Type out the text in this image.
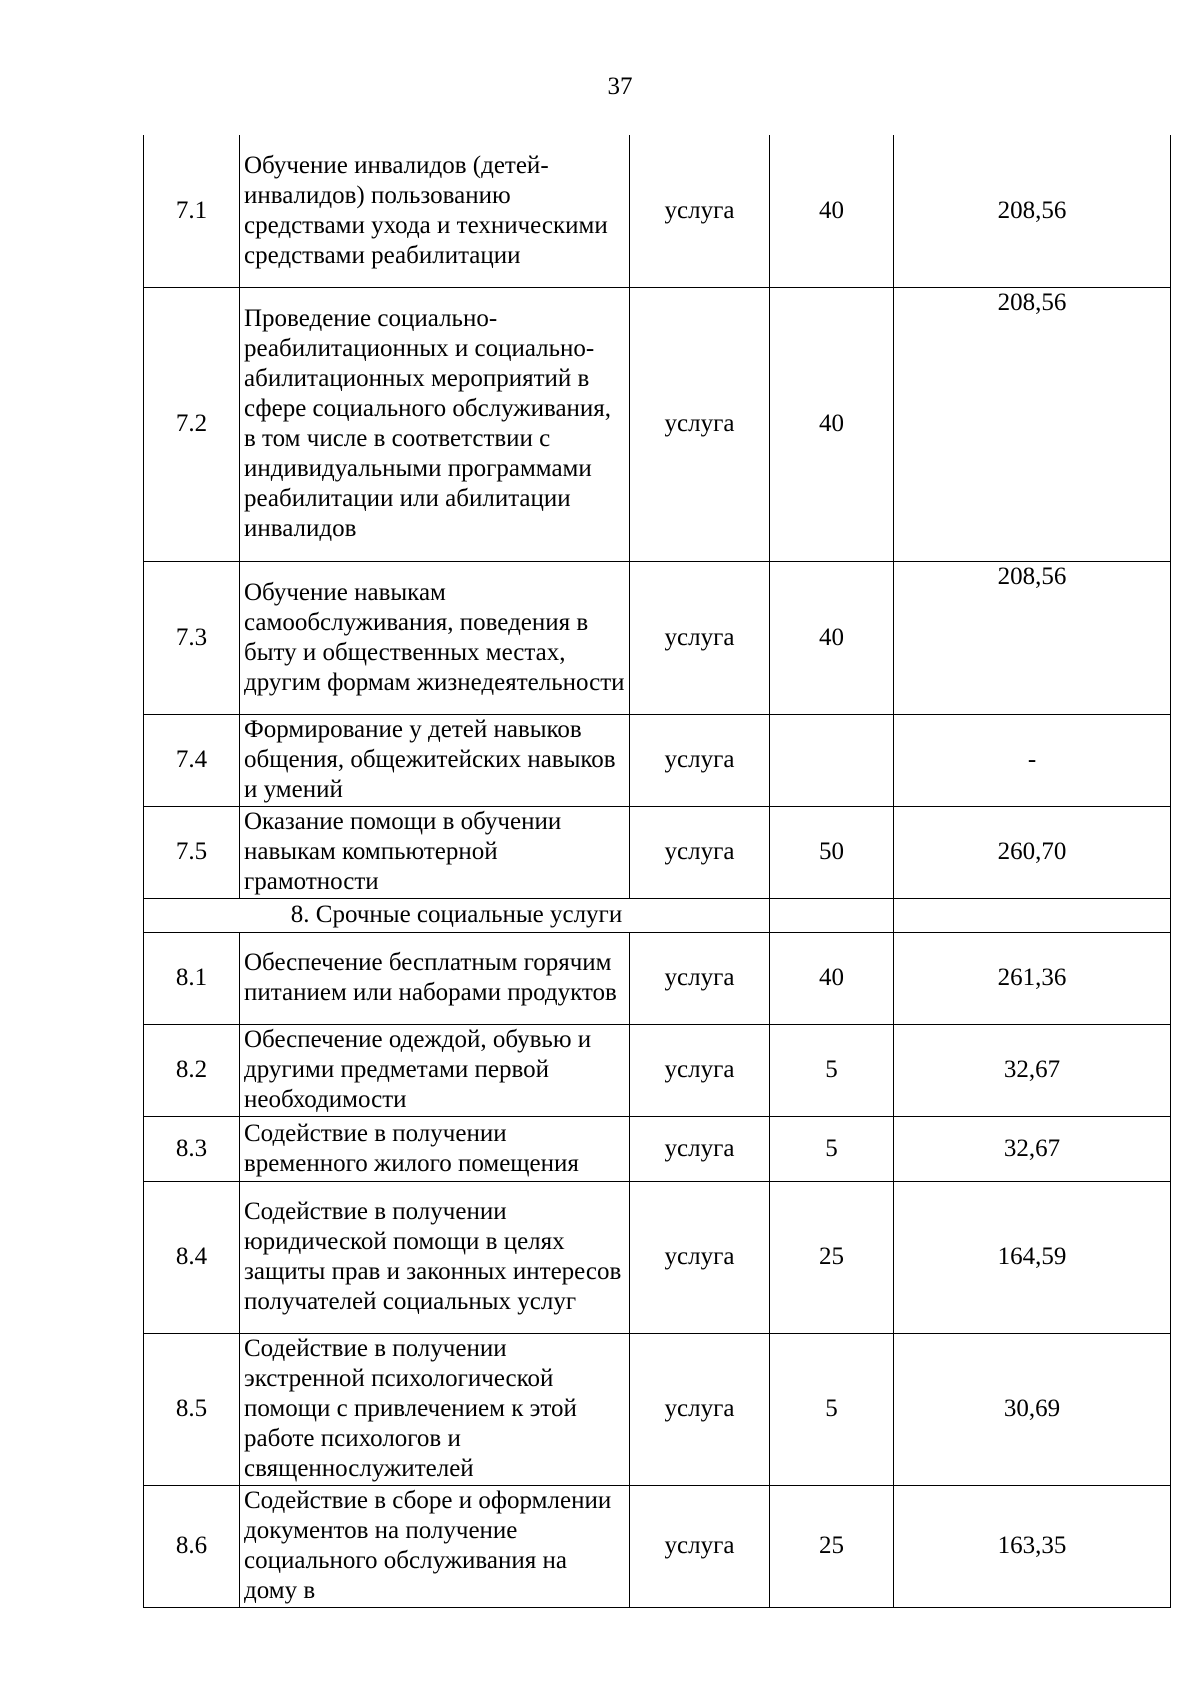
37
7.1	Обучение инвалидов (детей-инвалидов) пользованию средствами ухода и техническими средствами реабилитации	услуга	40	208,56
7.2	Проведение социально-реабилитационных и социально-абилитационных мероприятий в сфере социального обслуживания, в том числе в соответствии с индивидуальными программами реабилитации или абилитации инвалидов	услуга	40	208,56
7.3	Обучение навыкам самообслуживания, поведения в быту и общественных местах, другим формам жизнедеятельности	услуга	40	208,56
7.4	Формирование у детей навыков общения, общежитейских навыков и умений	услуга		-
7.5	Оказание помощи в обучении навыкам компьютерной грамотности	услуга	50	260,70
8. Срочные социальные услуги				
8.1	Обеспечение бесплатным горячим питанием или наборами продуктов	услуга	40	261,36
8.2	Обеспечение одеждой, обувью и другими предметами первой необходимости	услуга	5	32,67
8.3	Содействие в получении временного жилого помещения	услуга	5	32,67
8.4	Содействие в получении юридической помощи в целях защиты прав и законных интересов получателей социальных услуг	услуга	25	164,59
8.5	Содействие в получении экстренной психологической помощи с привлечением к этой работе психологов и священнослужителей	услуга	5	30,69
8.6	Содействие в сборе и оформлении документов на получение социального обслуживания на дому в	услуга	25	163,35
